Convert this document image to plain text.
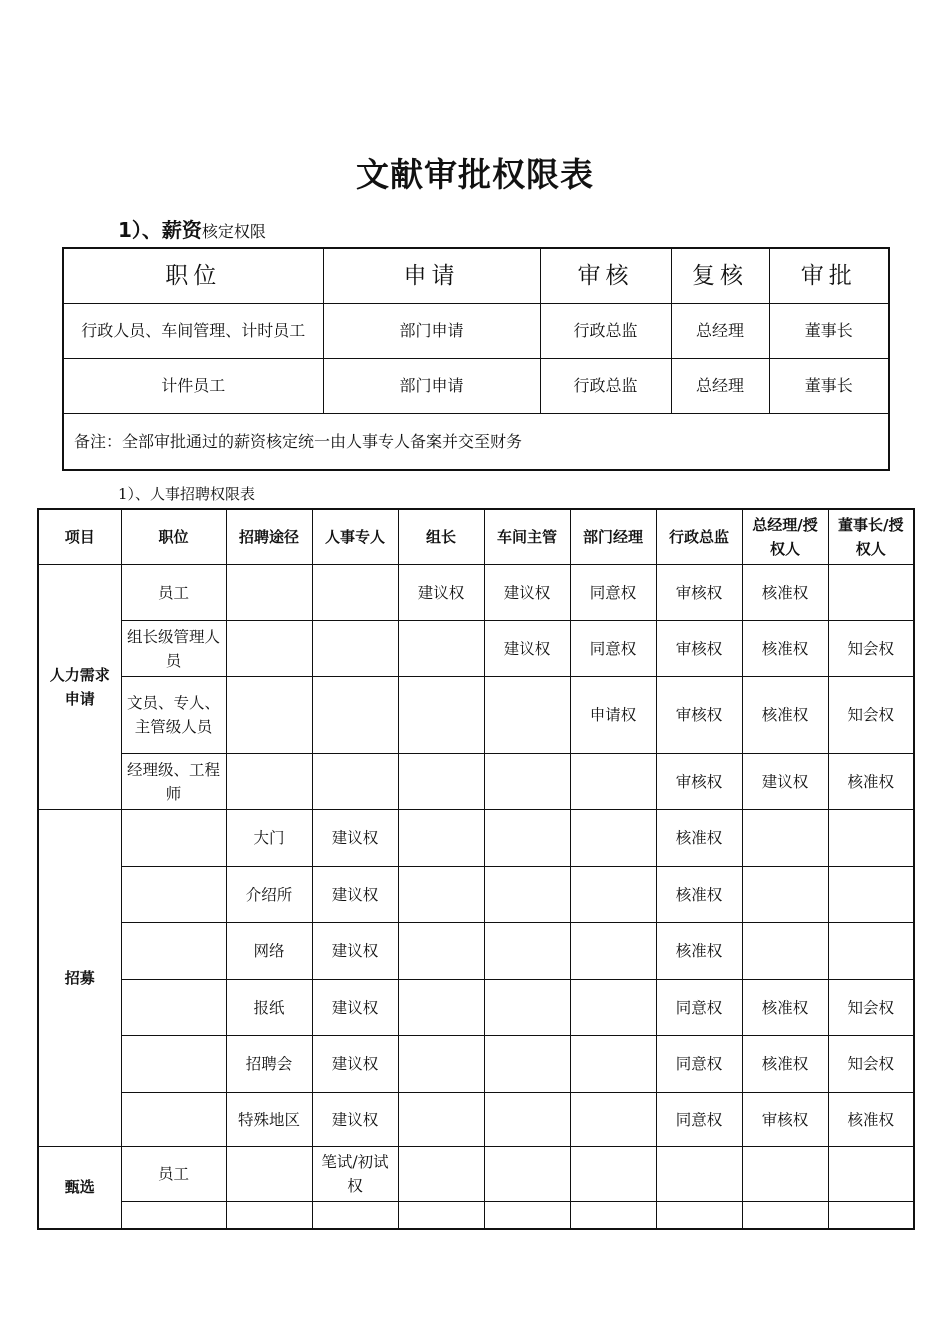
文献审批权限表
1）、薪资核定权限
职位	申请	审核	复核	审批
行政人员、车间管理、计时员工	部门申请	行政总监	总经理	董事长
计件员工	部门申请	行政总监	总经理	董事长
备注：全部审批通过的薪资核定统一由人事专人备案并交至财务				
1）、人事招聘权限表
项目	职位	招聘途径	人事专人	组长	车间主管	部门经理	行政总监	总经理/授权人	董事长/授权人
人力需求申请	员工			建议权	建议权	同意权	审核权	核准权	
	组长级管理人员				建议权	同意权	审核权	核准权	知会权
	文员、专人、主管级人员					申请权	审核权	核准权	知会权
	经理级、工程师						审核权	建议权	核准权
招募		大门	建议权				核准权		
		介绍所	建议权				核准权		
		网络	建议权				核准权		
		报纸	建议权				同意权	核准权	知会权
		招聘会	建议权				同意权	核准权	知会权
		特殊地区	建议权				同意权	审核权	核准权
甄选	员工		笔试/初试权						
